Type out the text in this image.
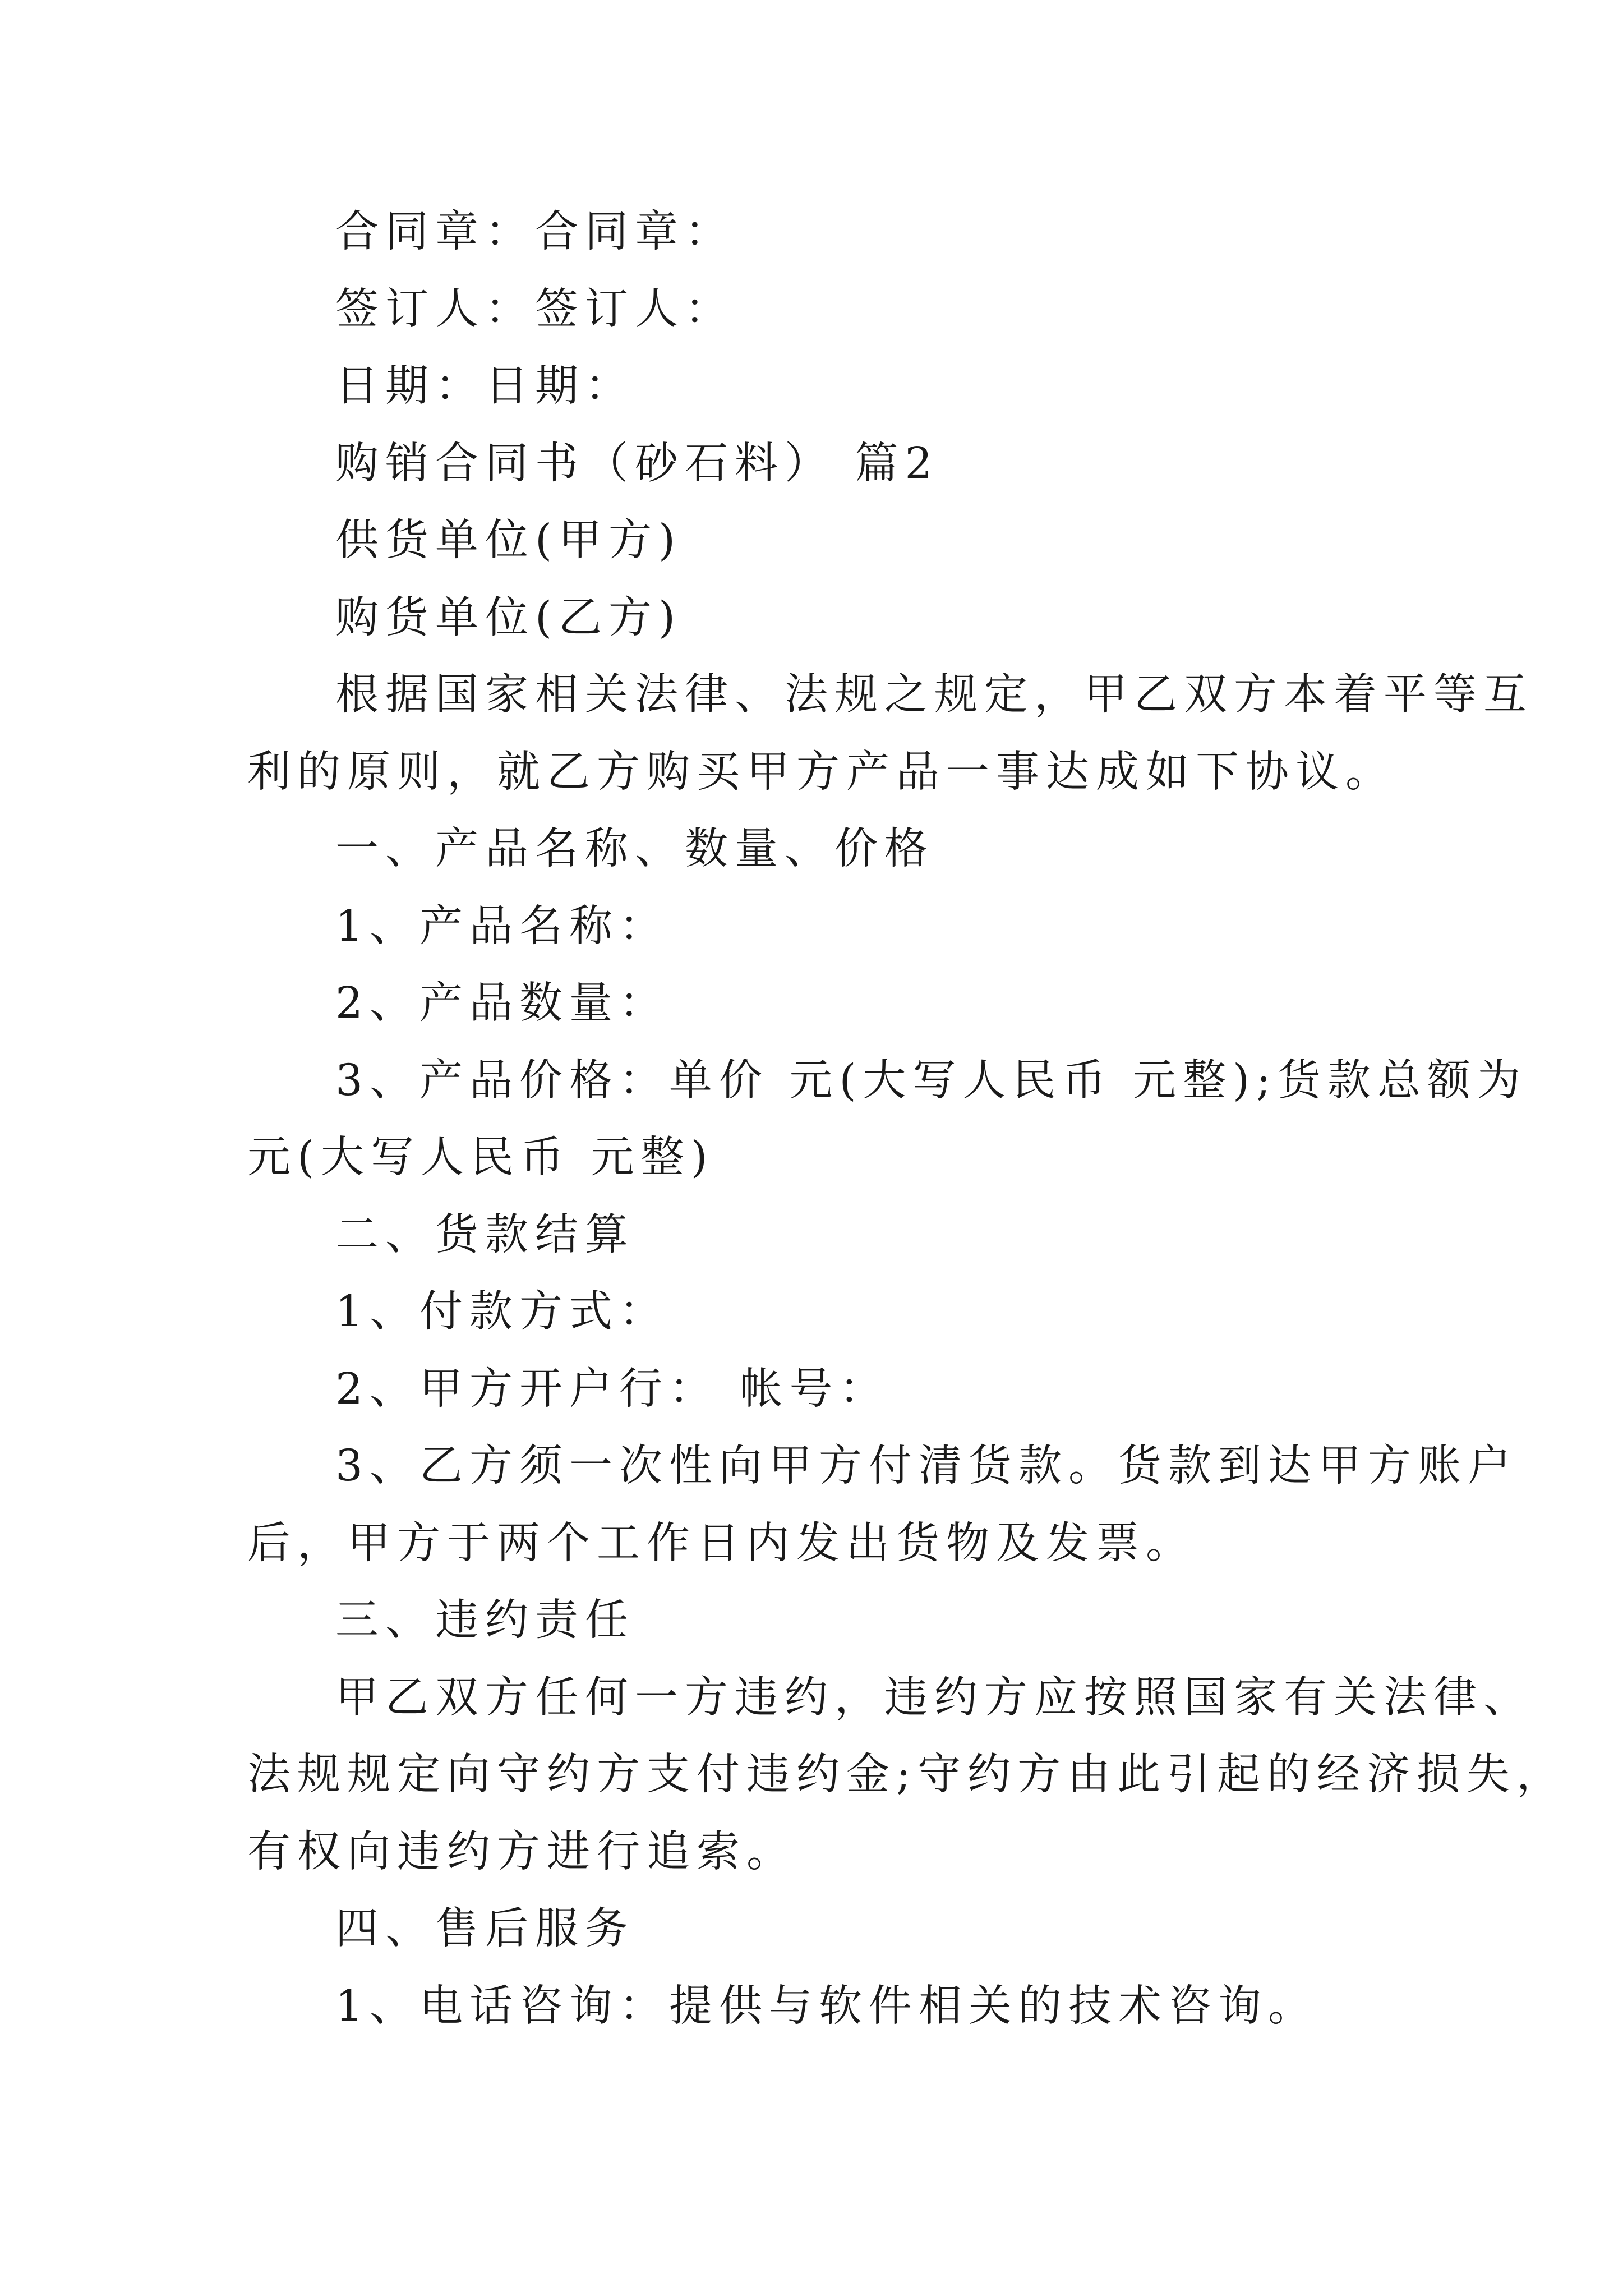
合同章：合同章：
签订人：签订人：
日期：日期：
购销合同书（砂石料） 篇2
供货单位(甲方)
购货单位(乙方)
根据国家相关法律、法规之规定，甲乙双方本着平等互
利的原则，就乙方购买甲方产品一事达成如下协议。
一、产品名称、数量、价格
1、产品名称：
2、产品数量：
3、产品价格：单价 元(大写人民币 元整);货款总额为
元(大写人民币 元整)
二、货款结算
1、付款方式：
2、甲方开户行： 帐号：
3、乙方须一次性向甲方付清货款。货款到达甲方账户
后，甲方于两个工作日内发出货物及发票。
三、违约责任
甲乙双方任何一方违约，违约方应按照国家有关法律、
法规规定向守约方支付违约金;守约方由此引起的经济损失，
有权向违约方进行追索。
四、售后服务
1、电话咨询：提供与软件相关的技术咨询。
